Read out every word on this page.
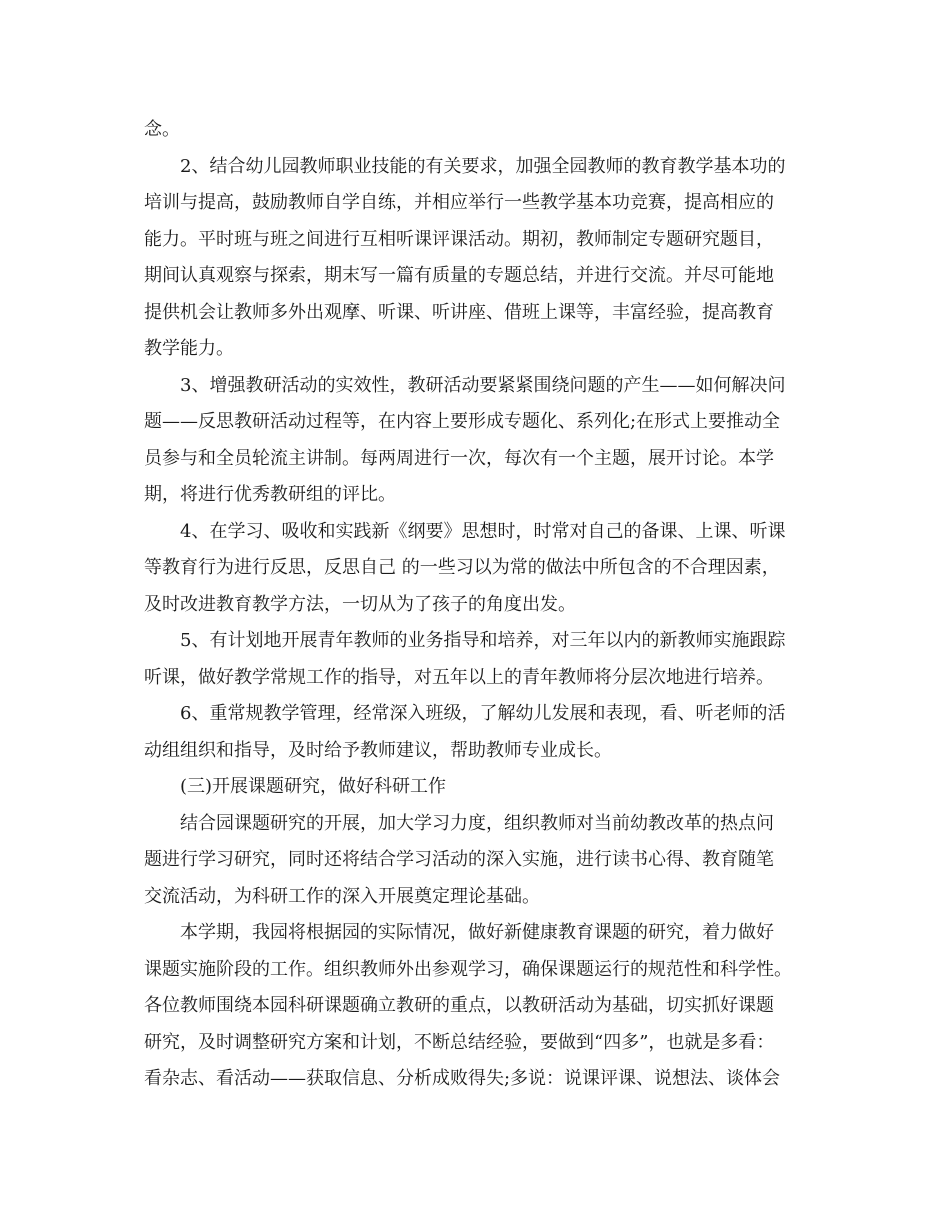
念。
2、结合幼儿园教师职业技能的有关要求，加强全园教师的教育教学基本功的
培训与提高，鼓励教师自学自练，并相应举行一些教学基本功竞赛，提高相应的
能力。平时班与班之间进行互相听课评课活动。期初，教师制定专题研究题目，
期间认真观察与探索，期末写一篇有质量的专题总结，并进行交流。并尽可能地
提供机会让教师多外出观摩、听课、听讲座、借班上课等，丰富经验，提高教育
教学能力。
3、增强教研活动的实效性，教研活动要紧紧围绕问题的产生——如何解决问
题——反思教研活动过程等，在内容上要形成专题化、系列化;在形式上要推动全
员参与和全员轮流主讲制。每两周进行一次，每次有一个主题，展开讨论。本学
期，将进行优秀教研组的评比。
4、在学习、吸收和实践新《纲要》思想时，时常对自己的备课、上课、听课
等教育行为进行反思，反思自己 的一些习以为常的做法中所包含的不合理因素，
及时改进教育教学方法，一切从为了孩子的角度出发。
5、有计划地开展青年教师的业务指导和培养，对三年以内的新教师实施跟踪
听课，做好教学常规工作的指导，对五年以上的青年教师将分层次地进行培养。
6、重常规教学管理，经常深入班级，了解幼儿发展和表现，看、听老师的活
动组组织和指导，及时给予教师建议，帮助教师专业成长。
(三)开展课题研究，做好科研工作
结合园课题研究的开展，加大学习力度，组织教师对当前幼教改革的热点问
题进行学习研究，同时还将结合学习活动的深入实施，进行读书心得、教育随笔
交流活动，为科研工作的深入开展奠定理论基础。
本学期，我园将根据园的实际情况，做好新健康教育课题的研究，着力做好
课题实施阶段的工作。组织教师外出参观学习，确保课题运行的规范性和科学性。
各位教师围绕本园科研课题确立教研的重点，以教研活动为基础，切实抓好课题
研究，及时调整研究方案和计划，不断总结经验，要做到“四多”，也就是多看：
看杂志、看活动——获取信息、分析成败得失;多说：说课评课、说想法、谈体会
